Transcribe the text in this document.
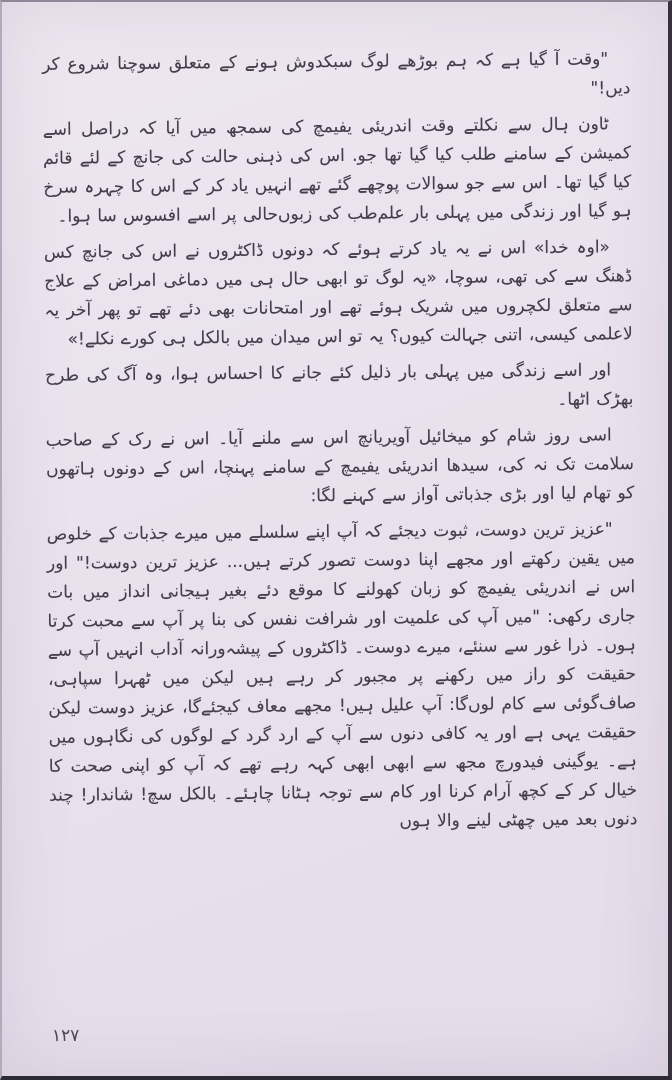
"وقت آ گیا ہے کہ ہم بوڑھے لوگ سبکدوش ہونے کے متعلق سوچنا شروع کر دیں!"

ٹاون ہال سے نکلتے وقت اندریئی یفیمچ کی سمجھ میں آیا کہ دراصل اسے کمیشن کے سامنے طلب کیا گیا تھا جو. اس کی ذہنی حالت کی جانچ کے لئے قائم کیا گیا تھا۔ اس سے جو سوالات پوچھے گئے تھے انہیں یاد کر کے اس کا چہرہ سرخ ہو گیا اور زندگی میں پہلی بار علم‌طب کی زبوں‌حالی پر اسے افسوس سا ہوا۔

«اوہ خدا» اس نے یہ یاد کرتے ہوئے کہ دونوں ڈاکٹروں نے اس کی جانچ کس ڈھنگ سے کی تھی، سوچا، «یہ لوگ تو ابھی حال ہی میں دماغی امراض کے علاج سے متعلق لکچروں میں شریک ہوئے تھے اور امتحانات بھی دئے تھے تو پھر آخر یہ لاعلمی کیسی، اتنی جہالت کیوں؟ یہ تو اس میدان میں بالکل ہی کورے نکلے!»

اور اسے زندگی میں پہلی بار ذلیل کئے جانے کا احساس ہوا، وہ آگ کی طرح بھڑک اٹھا۔

اسی روز شام کو میخائیل آویریانچ اس سے ملنے آیا۔ اس نے رک کے صاحب سلامت تک نہ کی، سیدھا اندریئی یفیمچ کے سامنے پہنچا، اس کے دونوں ہاتھوں کو تھام لیا اور بڑی جذباتی آواز سے کہنے لگا:

"عزیز ترین دوست، ثبوت دیجئے کہ آپ اپنے سلسلے میں میرے جذبات کے خلوص میں یقین رکھتے اور مجھے اپنا دوست تصور کرتے ہیں... عزیز ترین دوست!" اور اس نے اندریئی یفیمچ کو زبان کھولنے کا موقع دئے بغیر ہیجانی انداز میں بات جاری رکھی: "میں آپ کی علمیت اور شرافت نفس کی بنا پر آپ سے محبت کرتا ہوں۔ ذرا غور سے سنئے، میرے دوست۔ ڈاکٹروں کے پیشہ‌ورانہ آداب انہیں آپ سے حقیقت کو راز میں رکھنے پر مجبور کر رہے ہیں لیکن میں ٹھہرا سپاہی، صاف‌گوئی سے کام لوں‌گا: آپ علیل ہیں! مجھے معاف کیجئے‌گا، عزیز دوست لیکن حقیقت یہی ہے اور یہ کافی دنوں سے آپ کے ارد گرد کے لوگوں کی نگاہوں میں ہے۔ یوگینی فیدورچ مجھ سے ابھی ابھی کہہ رہے تھے کہ آپ کو اپنی صحت کا خیال کر کے کچھ آرام کرنا اور کام سے توجہ ہٹانا چاہئے۔ بالکل سچ! شاندار! چند دنوں بعد میں چھٹی لینے والا ہوں

۱۲۷
